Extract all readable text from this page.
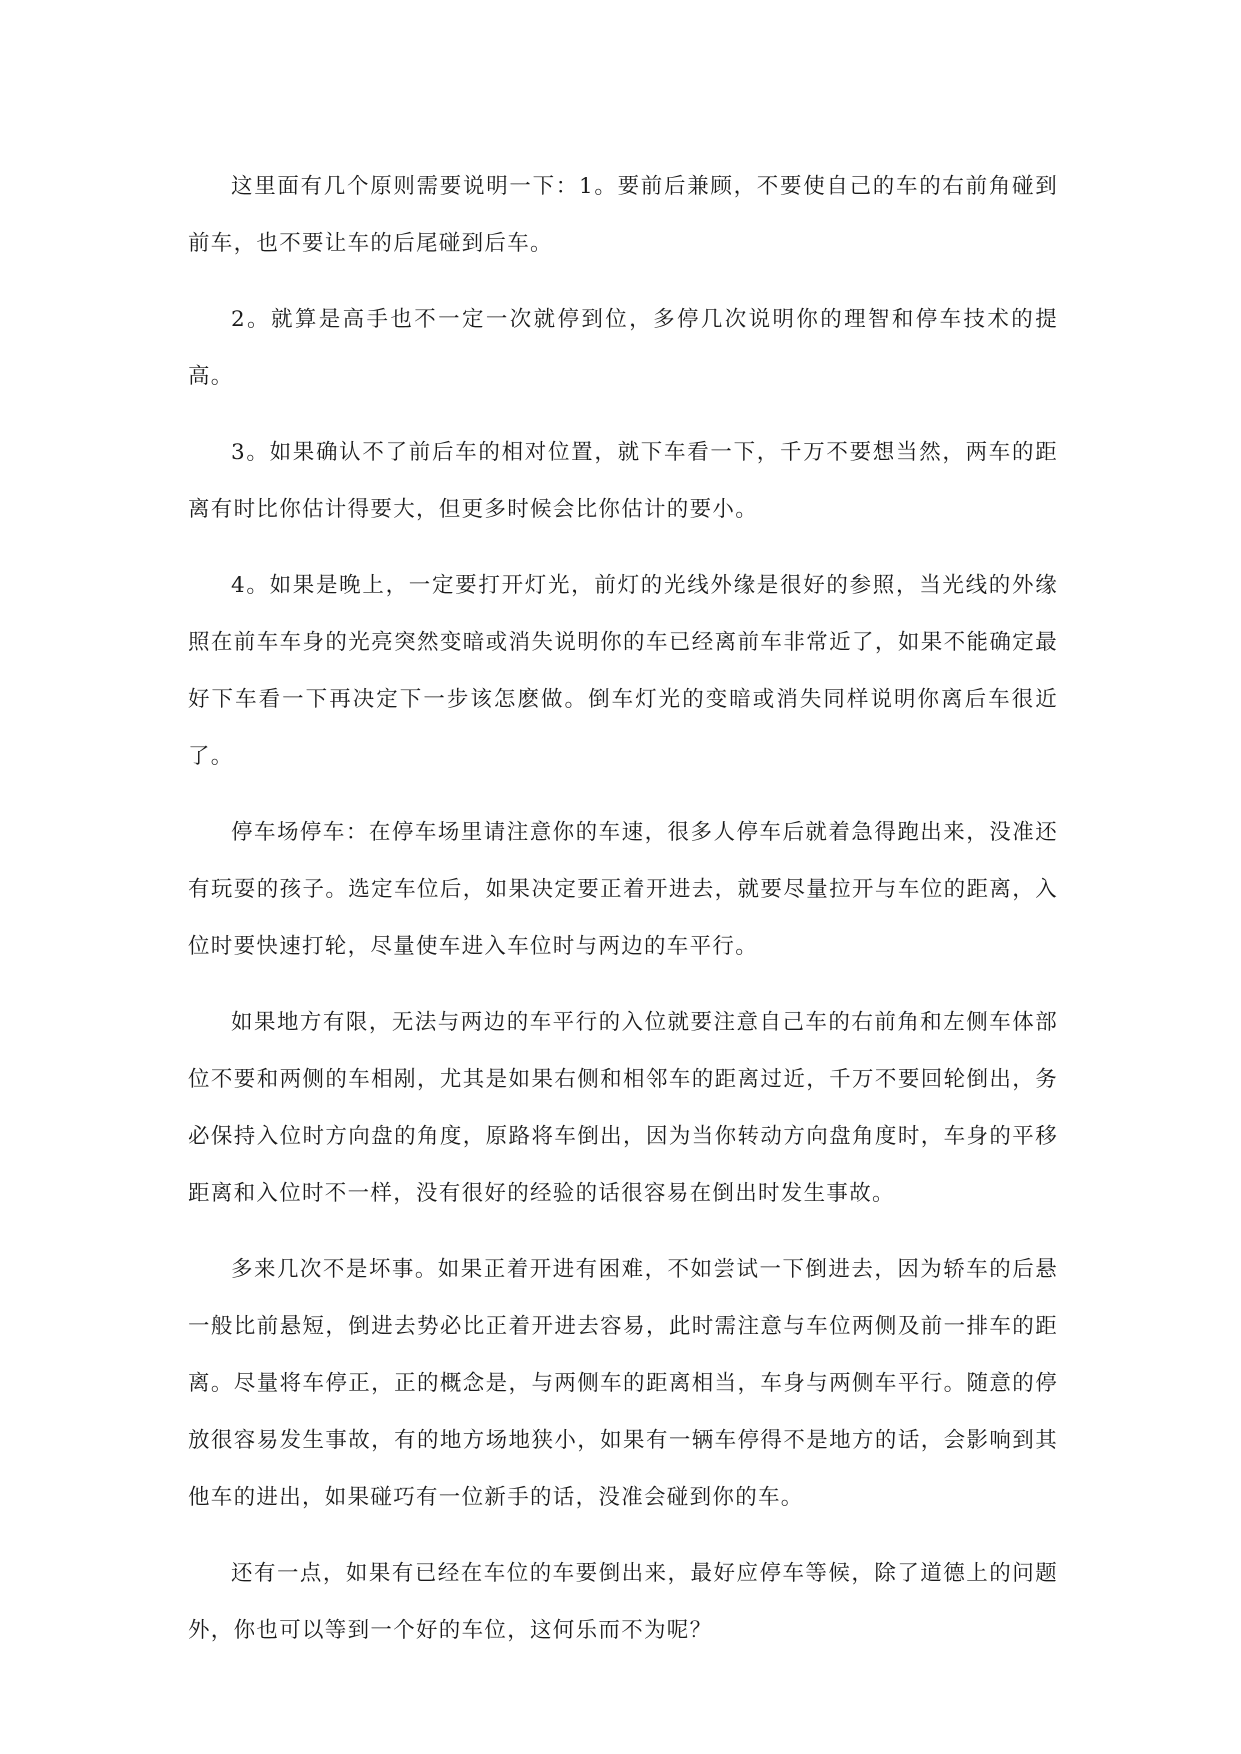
这里面有几个原则需要说明一下：1。要前后兼顾，不要使自己的车的右前角碰到前车，也不要让车的后尾碰到后车。

2。就算是高手也不一定一次就停到位，多停几次说明你的理智和停车技术的提高。

3。如果确认不了前后车的相对位置，就下车看一下，千万不要想当然，两车的距离有时比你估计得要大，但更多时候会比你估计的要小。

4。如果是晚上，一定要打开灯光，前灯的光线外缘是很好的参照，当光线的外缘照在前车车身的光亮突然变暗或消失说明你的车已经离前车非常近了，如果不能确定最好下车看一下再决定下一步该怎麽做。倒车灯光的变暗或消失同样说明你离后车很近了。

停车场停车：在停车场里请注意你的车速，很多人停车后就着急得跑出来，没准还有玩耍的孩子。选定车位后，如果决定要正着开进去，就要尽量拉开与车位的距离，入位时要快速打轮，尽量使车进入车位时与两边的车平行。

如果地方有限，无法与两边的车平行的入位就要注意自己车的右前角和左侧车体部位不要和两侧的车相剐，尤其是如果右侧和相邻车的距离过近，千万不要回轮倒出，务必保持入位时方向盘的角度，原路将车倒出，因为当你转动方向盘角度时，车身的平移距离和入位时不一样，没有很好的经验的话很容易在倒出时发生事故。

多来几次不是坏事。如果正着开进有困难，不如尝试一下倒进去，因为轿车的后悬一般比前悬短，倒进去势必比正着开进去容易，此时需注意与车位两侧及前一排车的距离。尽量将车停正，正的概念是，与两侧车的距离相当，车身与两侧车平行。随意的停放很容易发生事故，有的地方场地狭小，如果有一辆车停得不是地方的话，会影响到其他车的进出，如果碰巧有一位新手的话，没准会碰到你的车。

还有一点，如果有已经在车位的车要倒出来，最好应停车等候，除了道德上的问题外，你也可以等到一个好的车位，这何乐而不为呢？
